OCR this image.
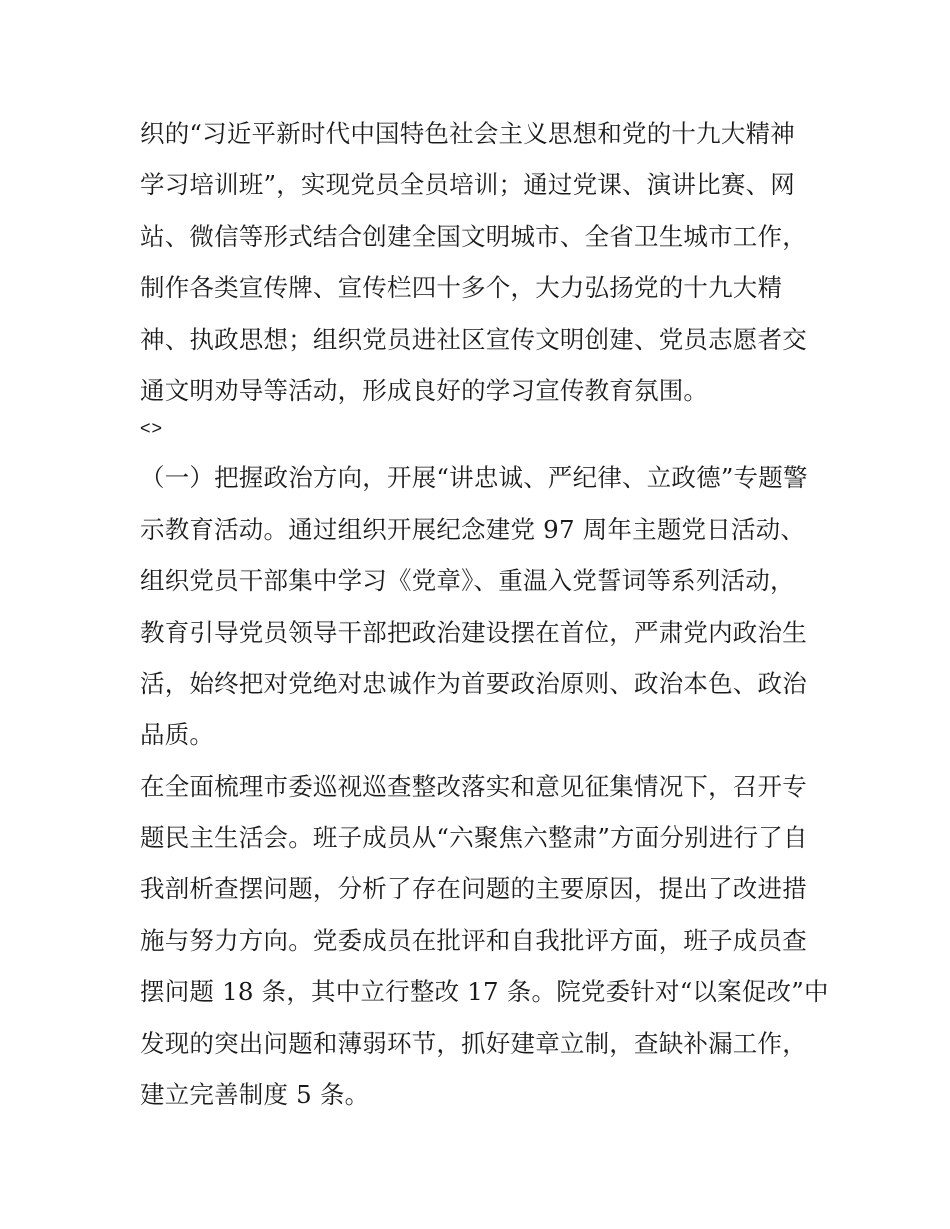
织的“习近平新时代中国特色社会主义思想和党的十九大精神
学习培训班”，实现党员全员培训；通过党课、演讲比赛、网
站、微信等形式结合创建全国文明城市、全省卫生城市工作，
制作各类宣传牌、宣传栏四十多个，大力弘扬党的十九大精
神、执政思想；组织党员进社区宣传文明创建、党员志愿者交
通文明劝导等活动，形成良好的学习宣传教育氛围。
<>
（一）把握政治方向，开展“讲忠诚、严纪律、立政德”专题警
示教育活动。通过组织开展纪念建党 97 周年主题党日活动、
组织党员干部集中学习《党章》、重温入党誓词等系列活动，
教育引导党员领导干部把政治建设摆在首位，严肃党内政治生
活，始终把对党绝对忠诚作为首要政治原则、政治本色、政治
品质。
在全面梳理市委巡视巡查整改落实和意见征集情况下，召开专
题民主生活会。班子成员从“六聚焦六整肃”方面分别进行了自
我剖析查摆问题，分析了存在问题的主要原因，提出了改进措
施与努力方向。党委成员在批评和自我批评方面，班子成员查
摆问题 18 条，其中立行整改 17 条。院党委针对“以案促改”中
发现的突出问题和薄弱环节，抓好建章立制，查缺补漏工作，
建立完善制度 5 条。
